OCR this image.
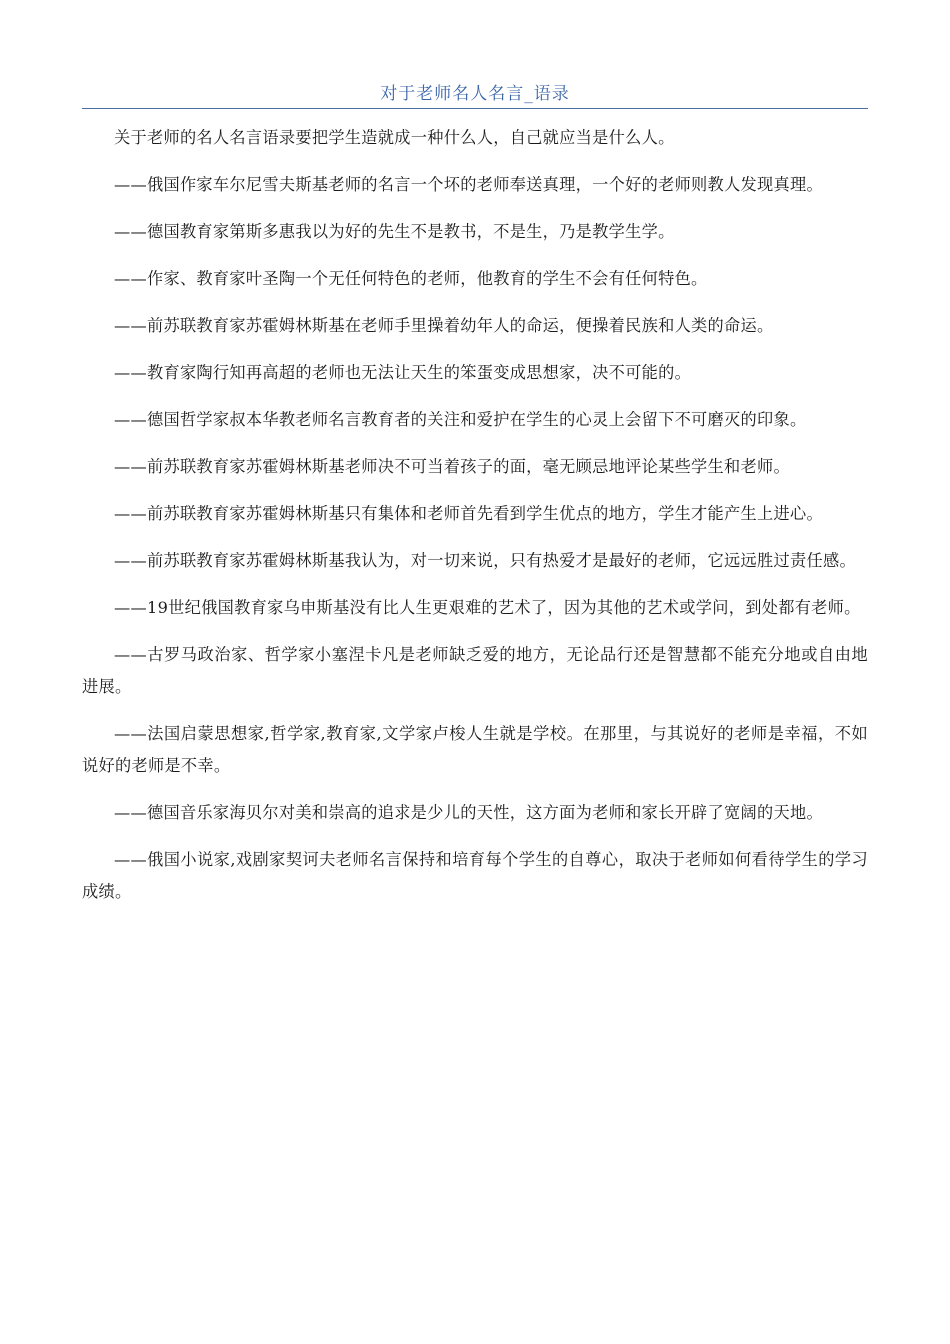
对于老师名人名言_语录

关于老师的名人名言语录要把学生造就成一种什么人，自己就应当是什么人。

——俄国作家车尔尼雪夫斯基老师的名言一个坏的老师奉送真理，一个好的老师则教人发现真理。

——德国教育家第斯多惠我以为好的先生不是教书，不是生，乃是教学生学。

——作家、教育家叶圣陶一个无任何特色的老师，他教育的学生不会有任何特色。

——前苏联教育家苏霍姆林斯基在老师手里操着幼年人的命运，便操着民族和人类的命运。

——教育家陶行知再高超的老师也无法让天生的笨蛋变成思想家，决不可能的。

——德国哲学家叔本华教老师名言教育者的关注和爱护在学生的心灵上会留下不可磨灭的印象。

——前苏联教育家苏霍姆林斯基老师决不可当着孩子的面，毫无顾忌地评论某些学生和老师。

——前苏联教育家苏霍姆林斯基只有集体和老师首先看到学生优点的地方，学生才能产生上进心。

——前苏联教育家苏霍姆林斯基我认为，对一切来说，只有热爱才是最好的老师，它远远胜过责任感。

——19世纪俄国教育家乌申斯基没有比人生更艰难的艺术了，因为其他的艺术或学问，到处都有老师。

——古罗马政治家、哲学家小塞涅卡凡是老师缺乏爱的地方，无论品行还是智慧都不能充分地或自由地进展。

——法国启蒙思想家,哲学家,教育家,文学家卢梭人生就是学校。在那里，与其说好的老师是幸福，不如说好的老师是不幸。

——德国音乐家海贝尔对美和崇高的追求是少儿的天性，这方面为老师和家长开辟了宽阔的天地。

——俄国小说家,戏剧家契诃夫老师名言保持和培育每个学生的自尊心，取决于老师如何看待学生的学习成绩。
